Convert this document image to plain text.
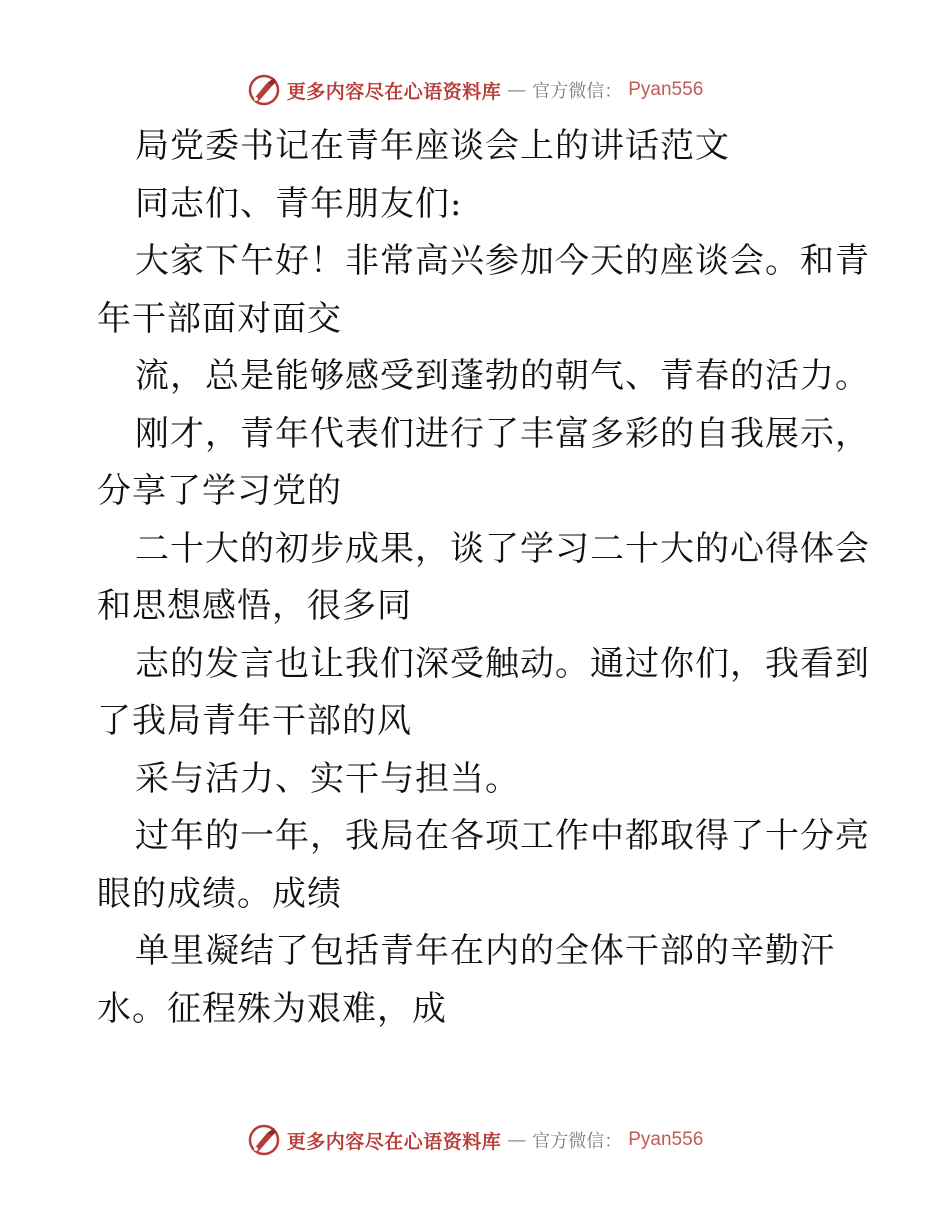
更多内容尽在心语资料库 — 官方微信： Pyan556
局党委书记在青年座谈会上的讲话范文
同志们、青年朋友们:
大家下午好！非常高兴参加今天的座谈会。和青
年干部面对面交
流，总是能够感受到蓬勃的朝气、青春的活力。
刚才，青年代表们进行了丰富多彩的自我展示，
分享了学习党的
二十大的初步成果，谈了学习二十大的心得体会
和思想感悟，很多同
志的发言也让我们深受触动。通过你们，我看到
了我局青年干部的风
采与活力、实干与担当。
过年的一年，我局在各项工作中都取得了十分亮
眼的成绩。成绩
单里凝结了包括青年在内的全体干部的辛勤汗
水。征程殊为艰难，成
更多内容尽在心语资料库 — 官方微信： Pyan556
